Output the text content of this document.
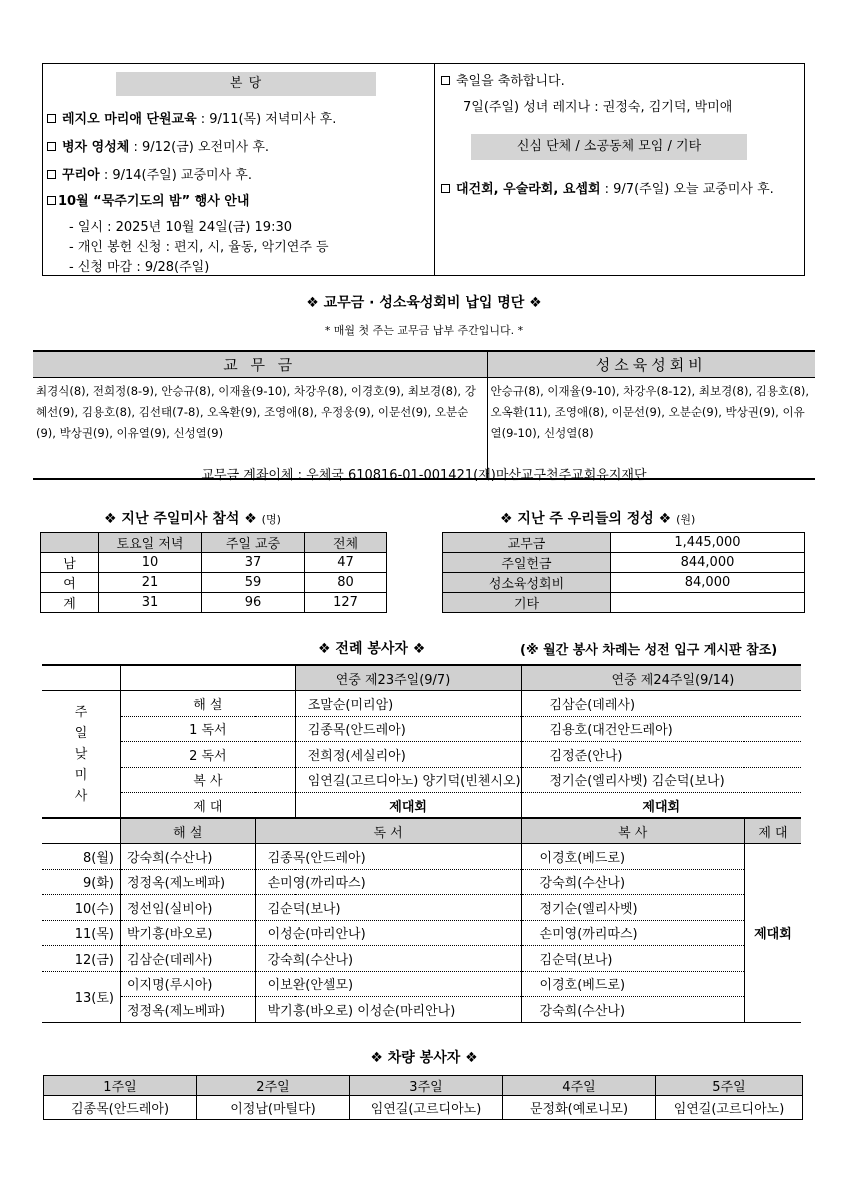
본 당
레지오 마리애 단원교육 : 9/11(목) 저녁미사 후.
병자 영성체 : 9/12(금) 오전미사 후.
꾸리아 : 9/14(주일) 교중미사 후.
10월 “묵주기도의 밤” 행사 안내
- 일시 : 2025년 10월 24일(금) 19:30
- 개인 봉헌 신청 : 편지, 시, 율동, 악기연주 등
- 신청 마감 : 9/28(주일)
축일을 축하합니다.
7일(주일) 성녀 레지나 : 권정숙, 김기덕, 박미애
신심 단체 / 소공동체 모임 / 기타
대건회, 우술라회, 요셉회 : 9/7(주일) 오늘 교중미사 후.
❖ 교무금 · 성소육성회비 납입 명단 ❖
* 매월 첫 주는 교무금 납부 주간입니다. *
교 무 금	성소육성회비
최경식(8), 전희정(8-9), 안승규(8), 이재율(9-10), 차강우(8), 이경호(9), 최보경(8), 강혜선(9), 김용호(8), 김선태(7-8), 오옥환(9), 조영애(8), 우정웅(9), 이문선(9), 오분순(9), 박상권(9), 이유열(9), 신성열(9)	안승규(8), 이재율(9-10), 차강우(8-12), 최보경(8), 김용호(8), 오옥환(11), 조영애(8), 이문선(9), 오분순(9), 박상권(9), 이유열(9-10), 신성열(8)
교무금 계좌이체 : 우체국 610816-01-001421(재)마산교구천주교회유지재단
❖ 지난 주일미사 참석 ❖ (명)
	토요일 저녁	주일 교중	전체
남	10	37	47
여	21	59	80
계	31	96	127
❖ 지난 주 우리들의 정성 ❖ (원)
교무금	1,445,000
주일헌금	844,000
성소육성회비	84,000
기타	
❖ 전례 봉사자 ❖	(※ 월간 봉사 차례는 성전 입구 게시판 참조)
			연중 제23주일(9/7)	연중 제24주일(9/14)	
주
일
낮
미
사	해 설		조말순(미리암)	김삼순(데레사)	
	1 독서		김종목(안드레아)	김용호(대건안드레아)	
	2 독서		전희정(세실리아)	김정준(안나)	
	복 사		임연길(고르디아노) 양기덕(빈첸시오)	정기순(엘리사벳) 김순덕(보나)	
	제 대		제대회	제대회	
	해 설	독 서		복 사	제 대
8(월)	강숙희(수산나)	김종목(안드레아)		이경호(베드로)	제대회
9(화)	정정옥(제노베파)	손미영(까리따스)		강숙희(수산나)	
10(수)	정선임(실비아)	김순덕(보나)		정기순(엘리사벳)	
11(목)	박기흥(바오로)	이성순(마리안나)		손미영(까리따스)	
12(금)	김삼순(데레사)	강숙희(수산나)		김순덕(보나)	
13(토)	이지명(루시아)	이보완(안셀모)		이경호(베드로)	
	정정옥(제노베파)	박기흥(바오로) 이성순(마리안나)		강숙희(수산나)	
❖ 차량 봉사자 ❖
1주일	2주일	3주일	4주일	5주일
김종목(안드레아)	이정남(마틸다)	임연길(고르디아노)	문정화(예로니모)	임연길(고르디아노)
